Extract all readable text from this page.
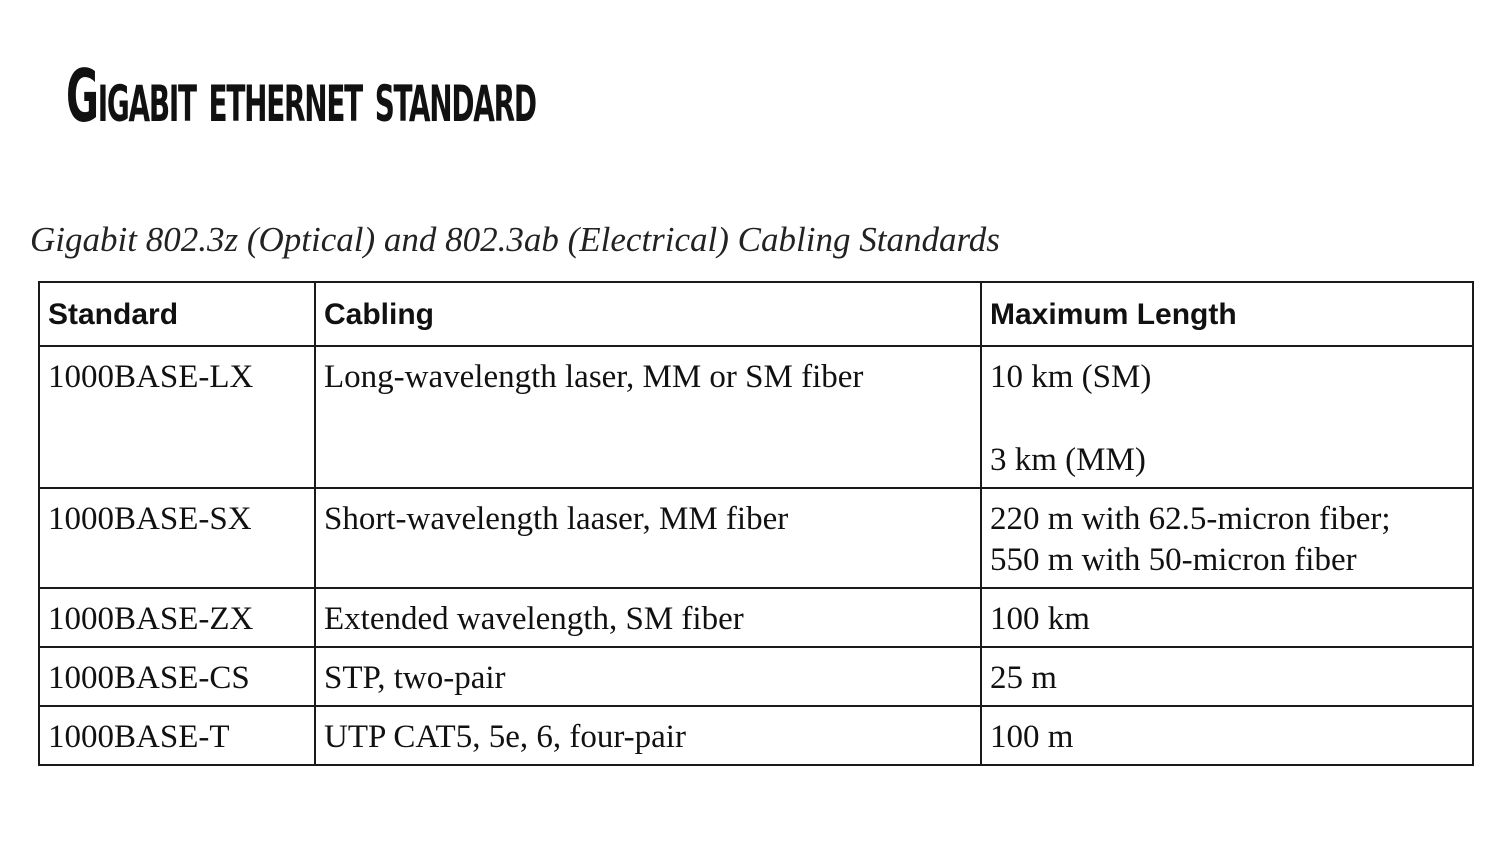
Gigabit ethernet standard
Gigabit 802.3z (Optical) and 802.3ab (Electrical) Cabling Standards
Standard	Cabling	Maximum Length
1000BASE-LX	Long-wavelength laser, MM or SM fiber	10 km (SM)
3 km (MM)

1000BASE-SX	Short-wavelength laaser, MM fiber	220 m with 62.5-micron fiber;
550 m with 50-micron fiber

1000BASE-ZX	Extended wavelength, SM fiber	100 km

1000BASE-CS	STP, two-pair	25 m

1000BASE-T	UTP CAT5, 5e, 6, four-pair	100 m
